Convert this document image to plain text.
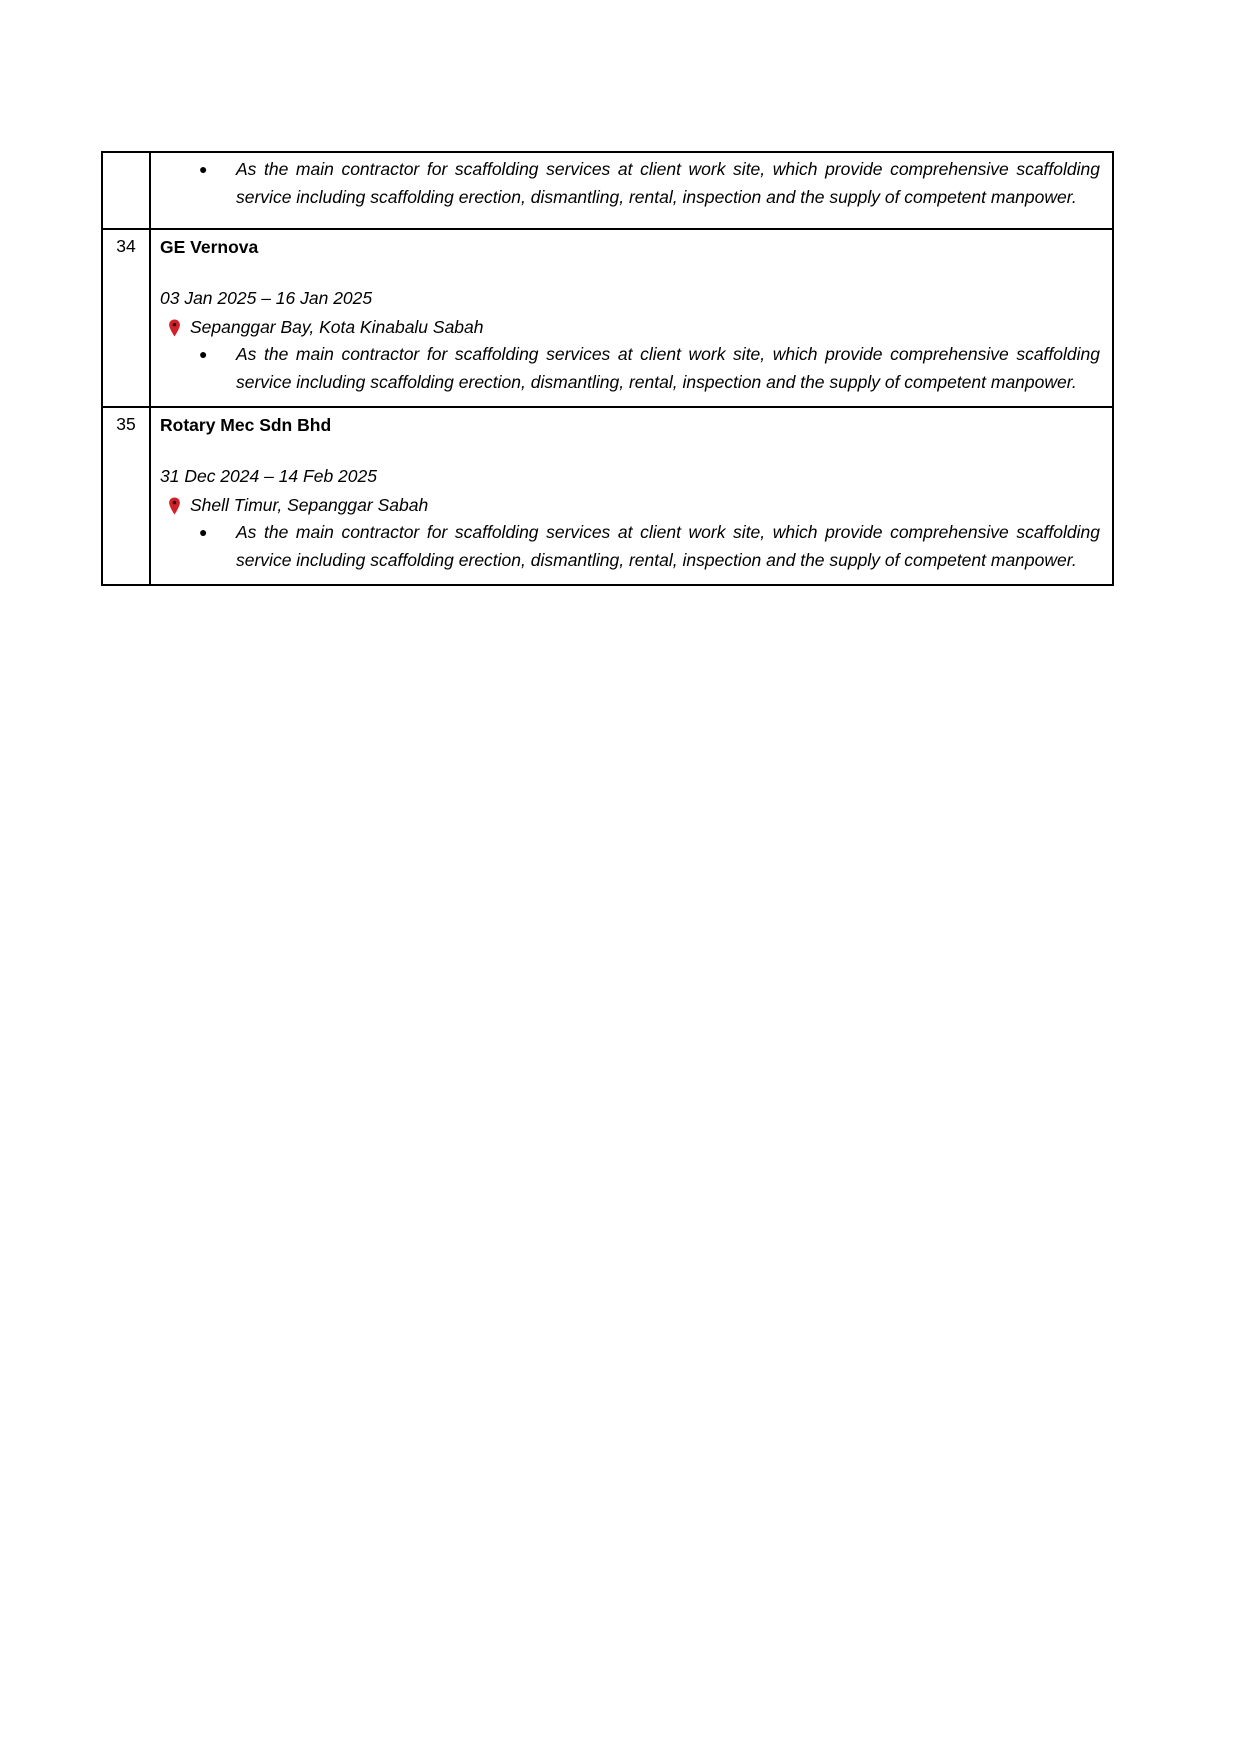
	● As the main contractor for scaffolding services at client work site, which provide comprehensive scaffolding service including scaffolding erection, dismantling, rental, inspection and the supply of competent manpower.

34	GE Vernova
03 Jan 2025 – 16 Jan 2025
Sepanggar Bay, Kota Kinabalu Sabah
● As the main contractor for scaffolding services at client work site, which provide comprehensive scaffolding service including scaffolding erection, dismantling, rental, inspection and the supply of competent manpower.

35	Rotary Mec Sdn Bhd
31 Dec 2024 – 14 Feb 2025
Shell Timur, Sepanggar Sabah
● As the main contractor for scaffolding services at client work site, which provide comprehensive scaffolding service including scaffolding erection, dismantling, rental, inspection and the supply of competent manpower.
